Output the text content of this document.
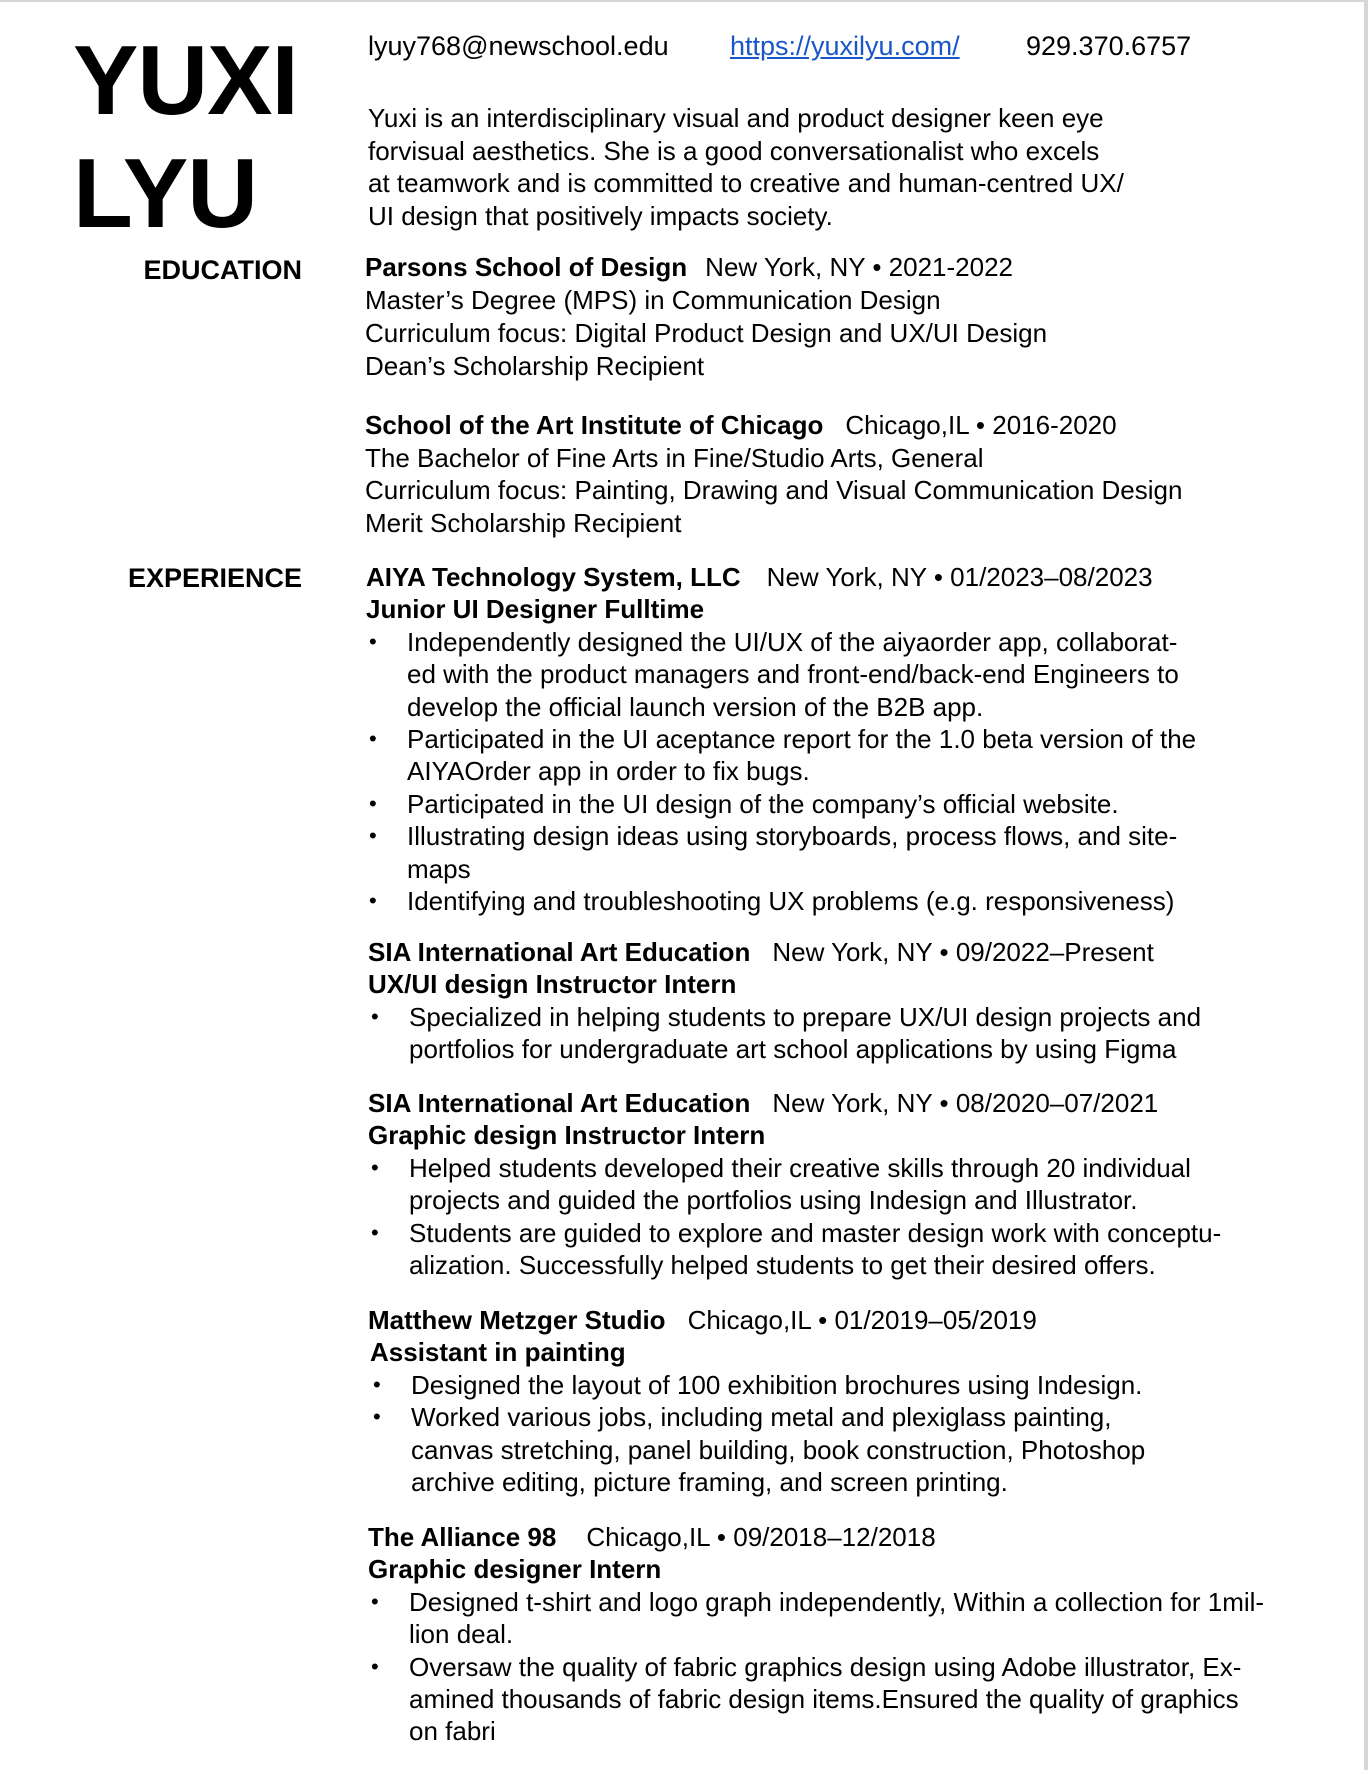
YUXI
LYU
lyuy768@newschool.edu https://yuxilyu.com/ 929.370.6757
Yuxi is an interdisciplinary visual and product designer keen eye
forvisual aesthetics. She is a good conversationalist who excels
at teamwork and is committed to creative and human-centred UX/
UI design that positively impacts society.
EDUCATION Parsons School of Design New York, NY • 2021-2022
Master’s Degree (MPS) in Communication Design
Curriculum focus: Digital Product Design and UX/UI Design
Dean’s Scholarship Recipient
School of the Art Institute of Chicago Chicago,IL • 2016-2020
The Bachelor of Fine Arts in Fine/Studio Arts, General
Curriculum focus: Painting, Drawing and Visual Communication Design
Merit Scholarship Recipient
EXPERIENCE AIYA Technology System, LLC New York, NY • 01/2023–08/2023
Junior UI Designer Fulltime
• Independently designed the UI/UX of the aiyaorder app, collaborat-
ed with the product managers and front-end/back-end Engineers to
develop the official launch version of the B2B app.
• Participated in the UI aceptance report for the 1.0 beta version of the
AIYAOrder app in order to fix bugs.
• Participated in the UI design of the company’s official website.
• Illustrating design ideas using storyboards, process flows, and site-
maps
• Identifying and troubleshooting UX problems (e.g. responsiveness)
SIA International Art Education New York, NY • 09/2022–Present
UX/UI design Instructor Intern
• Specialized in helping students to prepare UX/UI design projects and
portfolios for undergraduate art school applications by using Figma
SIA International Art Education New York, NY • 08/2020–07/2021
Graphic design Instructor Intern
• Helped students developed their creative skills through 20 individual
projects and guided the portfolios using Indesign and Illustrator.
• Students are guided to explore and master design work with conceptu-
alization. Successfully helped students to get their desired offers.
Matthew Metzger Studio Chicago,IL • 01/2019–05/2019
Assistant in painting
• Designed the layout of 100 exhibition brochures using Indesign.
• Worked various jobs, including metal and plexiglass painting,
canvas stretching, panel building, book construction, Photoshop
archive editing, picture framing, and screen printing.
The Alliance 98 Chicago,IL • 09/2018–12/2018
Graphic designer Intern
• Designed t-shirt and logo graph independently, Within a collection for 1mil-
lion deal.
• Oversaw the quality of fabric graphics design using Adobe illustrator, Ex-
amined thousands of fabric design items.Ensured the quality of graphics
on fabri
